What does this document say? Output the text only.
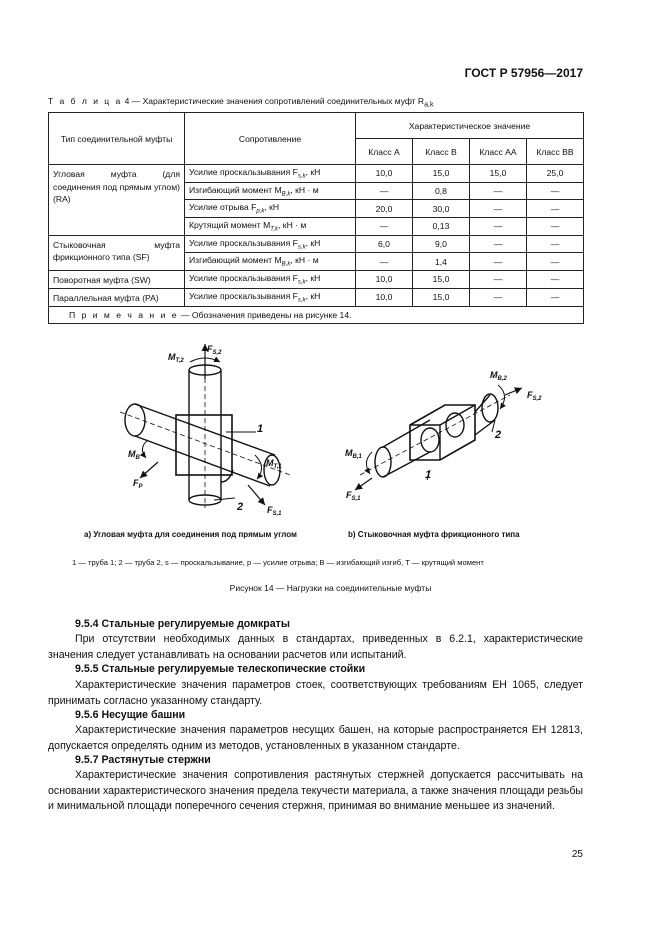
ГОСТ Р 57956—2017
Т а б л и ц а 4 — Характеристические значения сопротивлений соединительных муфт $R_{a,k}$
Тип соединительной муфты	Сопротивление	Характеристическое значение			
		Класс A	Класс B	Класс АА	Класс ВВ
Угловая муфта (для соединения под прямым углом) (RA)	Усилие проскальзывания $F_{s,k}$, кН	10,0	15,0	15,0	25,0
	Изгибающий момент $M_{B,k}$, кН · м	—	0,8	—	—
	Усилие отрыва $F_{p,k}$, кН	20,0	30,0	—	—
	Крутящий момент $M_{T,k}$, кН · м	—	0,13	—	—
Стыковочная муфта фрикционного типа (SF)	Усилие проскальзывания $F_{s,k}$, кН	6,0	9,0	—	—
	Изгибающий момент $M_{B,k}$, кН · м	—	1,4	—	—
Поворотная муфта (SW)	Усилие проскальзывания $F_{s,k}$, кН	10,0	15,0	—	—
Параллельная муфта (PA)	Усилие проскальзывания $F_{s,k}$, кН	10,0	15,0	—	—
П р и м е ч а н и е — Обозначения приведены на рисунке 14.					
$M_{T,2}$
$F_{S,2}$
$M_B$
$F_P$
$M_{T,1}$
$F_{S,1}$
1
2
$M_{B,2}$
$F_{S,2}$
$M_{B,1}$
$F_{S,1}$
1
2
а) Угловая муфта для соединения под прямым углом	b) Стыковочная муфта фрикционного типа
1 — труба 1; 2 — труба 2, s — проскальзывание, p — усилие отрыва; B — изгибающий изгиб, T — крутящий момент
Рисунок 14 — Нагрузки на соединительные муфты
9.5.4 Стальные регулируемые домкраты
При отсутствии необходимых данных в стандартах, приведенных в 6.2.1, характеристические значения следует устанавливать на основании расчетов или испытаний.
9.5.5 Стальные регулируемые телескопические стойки
Характеристические значения параметров стоек, соответствующих требованиям ЕН 1065, следует принимать согласно указанному стандарту.
9.5.6 Несущие башни
Характеристические значения параметров несущих башен, на которые распространяется ЕН 12813, допускается определять одним из методов, установленных в указанном стандарте.
9.5.7 Растянутые стержни
Характеристические значения сопротивления растянутых стержней допускается рассчитывать на основании характеристического значения предела текучести материала, а также значения площади резьбы и минимальной площади поперечного сечения стержня, принимая во внимание меньшее из значений.
25
